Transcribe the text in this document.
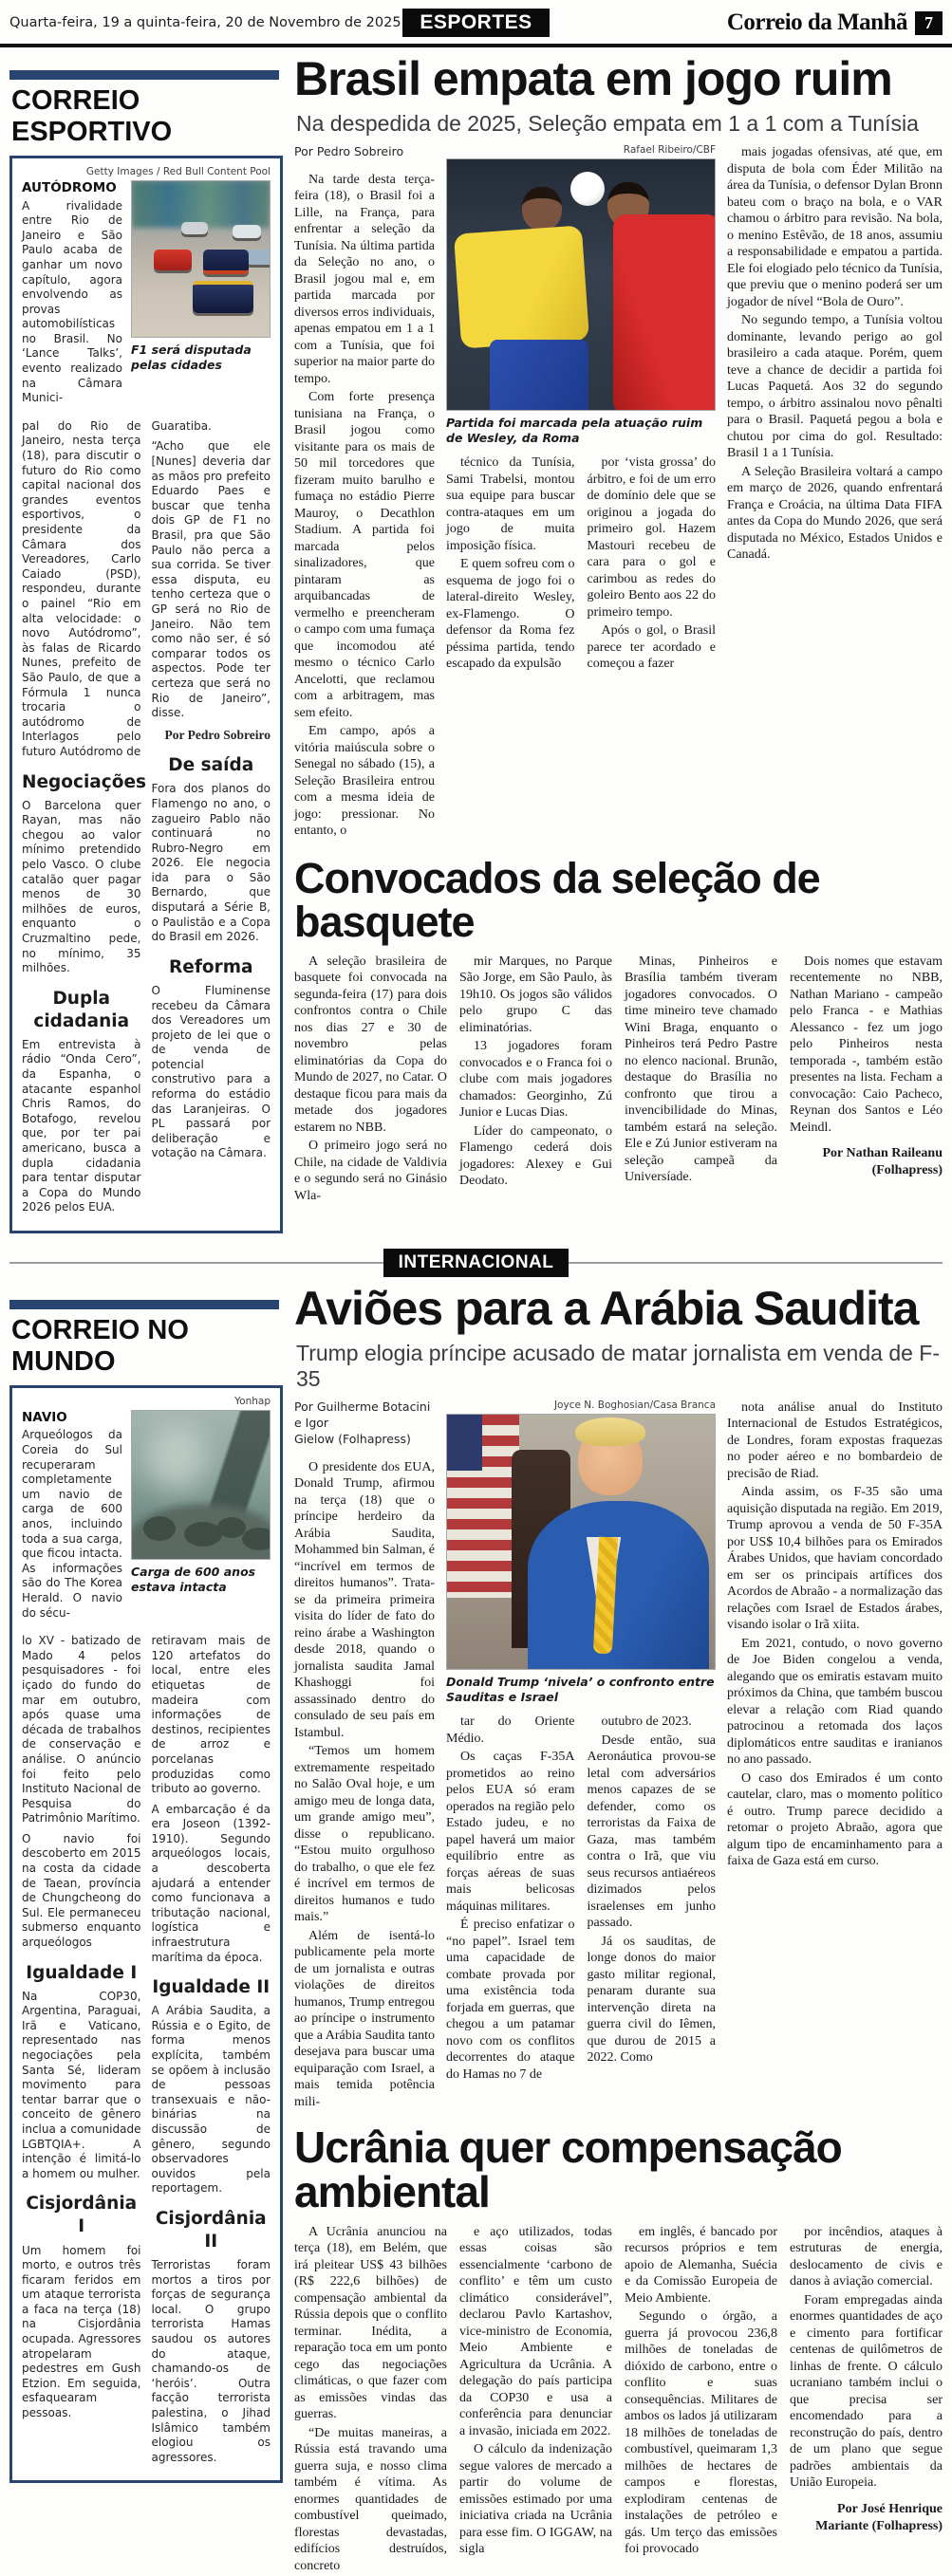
Quarta-feira, 19 a quinta-feira, 20 de Novembro de 2025 ESPORTES	Correio da Manhã	7
CORREIO ESPORTIVO
Getty Images / Red Bull Content Pool
AUTÓDROMO

A rivalidade entre Rio de Janeiro e São Paulo acaba de ganhar um novo capítulo, agora envolvendo as provas automobilísticas no Brasil. No ‘Lance Talks’, evento realizado na Câmara Munici-

F1 será disputada pelas cidades

pal do Rio de Janeiro, nesta terça (18), para discutir o futuro do Rio como capital nacional dos grandes eventos esportivos, o presidente da Câmara dos Vereadores, Carlo Caiado (PSD), respondeu, durante o painel “Rio em alta velocidade: o novo Autódromo”, às falas de Ricardo Nunes, prefeito de São Paulo, de que a Fórmula 1 nunca trocaria o autódromo de Interlagos pelo futuro Autódromo de

Negociações

O Barcelona quer Rayan, mas não chegou ao valor mínimo pretendido pelo Vasco. O clube catalão quer pagar menos de 30 milhões de euros, enquanto o Cruzmaltino pede, no mínimo, 35 milhões.

Dupla cidadania

Em entrevista à rádio “Onda Cero”, da Espanha, o atacante espanhol Chris Ramos, do Botafogo, revelou que, por ter pai americano, busca a dupla cidadania para tentar disputar a Copa do Mundo 2026 pelos EUA.

Guaratiba.

“Acho que ele [Nunes] deveria dar as mãos pro prefeito Eduardo Paes e buscar que tenha dois GP de F1 no Brasil, pra que São Paulo não perca a sua corrida. Se tiver essa disputa, eu tenho certeza que o GP será no Rio de Janeiro. Não tem como não ser, é só comparar todos os aspectos. Pode ter certeza que será no Rio de Janeiro”, disse.

Por Pedro Sobreiro
De saída

Fora dos planos do Flamengo no ano, o zagueiro Pablo não continuará no Rubro-Negro em 2026. Ele negocia ida para o São Bernardo, que disputará a Série B, o Paulistão e a Copa do Brasil em 2026.

Reforma

O Fluminense recebeu da Câmara dos Vereadores um projeto de lei que o de venda de potencial construtivo para a reforma do estádio das Laranjeiras. O PL passará por deliberação e votação na Câmara.

Brasil empata em jogo ruim

Na despedida de 2025, Seleção empata em 1 a 1 com a Tunísia

Por Pedro Sobreiro

Na tarde desta terça-feira (18), o Brasil foi a Lille, na França, para enfrentar a seleção da Tunísia. Na última partida da Seleção no ano, o Brasil jogou mal e, em partida marcada por diversos erros individuais, apenas empatou em 1 a 1 com a Tunísia, que foi superior na maior parte do tempo.

Com forte presença tunisiana na França, o Brasil jogou como visitante para os mais de 50 mil torcedores que fizeram muito barulho e fumaça no estádio Pierre Mauroy, o Decathlon Stadium. A partida foi marcada pelos sinalizadores, que pintaram as arquibancadas de vermelho e preencheram o campo com uma fumaça que incomodou até mesmo o técnico Carlo Ancelotti, que reclamou com a arbitragem, mas sem efeito.

Em campo, após a vitória maiúscula sobre o Senegal no sábado (15), a Seleção Brasileira entrou com a mesma ideia de jogo: pressionar. No entanto, o

Rafael Ribeiro/CBF
Partida foi marcada pela atuação ruim de Wesley, da Roma

técnico da Tunísia, Sami Trabelsi, montou sua equipe para buscar contra-ataques em um jogo de muita imposição física.

E quem sofreu com o esquema de jogo foi o lateral-direito Wesley, ex-Flamengo. O defensor da Roma fez péssima partida, tendo escapado da expulsão

por ‘vista grossa’ do árbitro, e foi de um erro de domínio dele que se originou a jogada do primeiro gol. Hazem Mastouri recebeu de cara para o gol e carimbou as redes do goleiro Bento aos 22 do primeiro tempo.

Após o gol, o Brasil parece ter acordado e começou a fazer

mais jogadas ofensivas, até que, em disputa de bola com Éder Militão na área da Tunísia, o defensor Dylan Bronn bateu com o braço na bola, e o VAR chamou o árbitro para revisão. Na bola, o menino Estêvão, de 18 anos, assumiu a responsabilidade e empatou a partida. Ele foi elogiado pelo técnico da Tunísia, que previu que o menino poderá ser um jogador de nível “Bola de Ouro”.

No segundo tempo, a Tunísia voltou dominante, levando perigo ao gol brasileiro a cada ataque. Porém, quem teve a chance de decidir a partida foi Lucas Paquetá. Aos 32 do segundo tempo, o árbitro assinalou novo pênalti para o Brasil. Paquetá pegou a bola e chutou por cima do gol. Resultado: Brasil 1 a 1 Tunísia.

A Seleção Brasileira voltará a campo em março de 2026, quando enfrentará França e Croácia, na última Data FIFA antes da Copa do Mundo 2026, que será disputada no México, Estados Unidos e Canadá.

Convocados da seleção de basquete

A seleção brasileira de basquete foi convocada na segunda-feira (17) para dois confrontos contra o Chile nos dias 27 e 30 de novembro pelas eliminatórias da Copa do Mundo de 2027, no Catar. O destaque ficou para mais da metade dos jogadores estarem no NBB.

O primeiro jogo será no Chile, na cidade de Valdivia e o segundo será no Ginásio Wla-

mir Marques, no Parque São Jorge, em São Paulo, às 19h10. Os jogos são válidos pelo grupo C das eliminatórias.

13 jogadores foram convocados e o Franca foi o clube com mais jogadores chamados: Georginho, Zú Junior e Lucas Dias.

Líder do campeonato, o Flamengo cederá dois jogadores: Alexey e Gui Deodato.

Minas, Pinheiros e Brasília também tiveram jogadores convocados. O time mineiro teve chamado Wini Braga, enquanto o Pinheiros terá Pedro Pastre no elenco nacional. Brunão, destaque do Brasília no confronto que tirou a invencibilidade do Minas, também estará na seleção. Ele e Zú Junior estiveram na seleção campeã da Universíade.

Dois nomes que estavam recentemente no NBB, Nathan Mariano - campeão pelo Franca - e Mathias Alessanco - fez um jogo pelo Pinheiros nesta temporada -, também estão presentes na lista. Fecham a convocação: Caio Pacheco, Reynan dos Santos e Léo Meindl.

Por Nathan Raileanu
(Folhapress)
INTERNACIONAL
CORREIO NO MUNDO
Yonhap
NAVIO

Arqueólogos da Coreia do Sul recuperaram completamente um navio de carga de 600 anos, incluindo toda a sua carga, que ficou intacta. As informações são do The Korea Herald. O navio do sécu-

Carga de 600 anos estava intacta

lo XV - batizado de Mado 4 pelos pesquisadores - foi içado do fundo do mar em outubro, após quase uma década de trabalhos de conservação e análise. O anúncio foi feito pelo Instituto Nacional de Pesquisa do Patrimônio Marítimo.

O navio foi descoberto em 2015 na costa da cidade de Taean, província de Chungcheong do Sul. Ele permaneceu submerso enquanto arqueólogos

Igualdade I

Na COP30, Argentina, Paraguai, Irã e Vaticano, representado nas negociações pela Santa Sé, lideram movimento para tentar barrar que o conceito de gênero inclua a comunidade LGBTQIA+. A intenção é limitá-lo a homem ou mulher.

Cisjordânia I

Um homem foi morto, e outros três ficaram feridos em um ataque terrorista a faca na terça (18) na Cisjordânia ocupada. Agressores atropelaram pedestres em Gush Etzion. Em seguida, esfaquearam pessoas.

retiravam mais de 120 artefatos do local, entre eles etiquetas de madeira com informações de destinos, recipientes de arroz e porcelanas produzidas como tributo ao governo.

A embarcação é da era Joseon (1392-1910). Segundo arqueólogos locais, a descoberta ajudará a entender como funcionava a tributação nacional, logística e infraestrutura marítima da época.

Igualdade II

A Arábia Saudita, a Rússia e o Egito, de forma menos explícita, também se opõem à inclusão de pessoas transexuais e não-binárias na discussão de gênero, segundo observadores ouvidos pela reportagem.

Cisjordânia II

Terroristas foram mortos a tiros por forças de segurança local. O grupo terrorista Hamas saudou os autores do ataque, chamando-os de ‘heróis’. Outra facção terrorista palestina, o Jihad Islâmico também elogiou os agressores.

Aviões para a Arábia Saudita

Trump elogia príncipe acusado de matar jornalista em venda de F-35

Por Guilherme Botacini e Igor
Gielow (Folhapress)

O presidente dos EUA, Donald Trump, afirmou na terça (18) que o príncipe herdeiro da Arábia Saudita, Mohammed bin Salman, é “incrível em termos de direitos humanos”. Trata-se da primeira primeira visita do líder de fato do reino árabe a Washington desde 2018, quando o jornalista saudita Jamal Khashoggi foi assassinado dentro do consulado de seu país em Istambul.

“Temos um homem extremamente respeitado no Salão Oval hoje, e um amigo meu de longa data, um grande amigo meu”, disse o republicano. “Estou muito orgulhoso do trabalho, o que ele fez é incrível em termos de direitos humanos e tudo mais.”

Além de isentá-lo publicamente pela morte de um jornalista e outras violações de direitos humanos, Trump entregou ao príncipe o instrumento que a Arábia Saudita tanto desejava para buscar uma equiparação com Israel, a mais temida potência mili-

Joyce N. Boghosian/Casa Branca
Donald Trump ‘nivela’ o confronto entre Sauditas e Israel

tar do Oriente Médio.

Os caças F-35A prometidos ao reino pelos EUA só eram operados na região pelo Estado judeu, e no papel haverá um maior equilíbrio entre as forças aéreas de suas mais belicosas máquinas militares.

É preciso enfatizar o “no papel”. Israel tem uma capacidade de combate provada por uma existência toda forjada em guerras, que chegou a um patamar novo com os conflitos decorrentes do ataque do Hamas no 7 de

outubro de 2023.

Desde então, sua Aeronáutica provou-se letal com adversários menos capazes de se defender, como os terroristas da Faixa de Gaza, mas também contra o Irã, que viu seus recursos antiaéreos dizimados pelos israelenses em junho passado.

Já os sauditas, de longe donos do maior gasto militar regional, penaram durante sua intervenção direta na guerra civil do Iêmen, que durou de 2015 a 2022. Como

nota análise anual do Instituto Internacional de Estudos Estratégicos, de Londres, foram expostas fraquezas no poder aéreo e no bombardeio de precisão de Riad.

Ainda assim, os F-35 são uma aquisição disputada na região. Em 2019, Trump aprovou a venda de 50 F-35A por US$ 10,4 bilhões para os Emirados Árabes Unidos, que haviam concordado em ser os principais artífices dos Acordos de Abraão - a normalização das relações com Israel de Estados árabes, visando isolar o Irã xiita.

Em 2021, contudo, o novo governo de Joe Biden congelou a venda, alegando que os emiratis estavam muito próximos da China, que também buscou elevar a relação com Riad quando patrocinou a retomada dos laços diplomáticos entre sauditas e iranianos no ano passado.

O caso dos Emirados é um conto cautelar, claro, mas o momento político é outro. Trump parece decidido a retomar o projeto Abraão, agora que algum tipo de encaminhamento para a faixa de Gaza está em curso.

Ucrânia quer compensação ambiental

A Ucrânia anunciou na terça (18), em Belém, que irá pleitear US$ 43 bilhões (R$ 222,6 bilhões) de compensação ambiental da Rússia depois que o conflito terminar. Inédita, a reparação toca em um ponto cego das negociações climáticas, o que fazer com as emissões vindas das guerras.

“De muitas maneiras, a Rússia está travando uma guerra suja, e nosso clima também é vítima. As enormes quantidades de combustível queimado, florestas devastadas, edifícios destruídos, concreto

e aço utilizados, todas essas coisas são essencialmente ‘carbono de conflito’ e têm um custo climático considerável”, declarou Pavlo Kartashov, vice-ministro de Economia, Meio Ambiente e Agricultura da Ucrânia. A delegação do país participa da COP30 e usa a conferência para denunciar a invasão, iniciada em 2022.

O cálculo da indenização segue valores de mercado a partir do volume de emissões estimado por uma iniciativa criada na Ucrânia para esse fim. O IGGAW, na sigla

em inglês, é bancado por recursos próprios e tem apoio de Alemanha, Suécia e da Comissão Europeia de Meio Ambiente.

Segundo o órgão, a guerra já provocou 236,8 milhões de toneladas de dióxido de carbono, entre o conflito e suas consequências. Militares de ambos os lados já utilizaram 18 milhões de toneladas de combustível, queimaram 1,3 milhões de hectares de campos e florestas, explodiram centenas de instalações de petróleo e gás. Um terço das emissões foi provocado

por incêndios, ataques à estruturas de energia, deslocamento de civis e danos à aviação comercial.

Foram empregadas ainda enormes quantidades de aço e cimento para fortificar centenas de quilômetros de linhas de frente. O cálculo ucraniano também inclui o que precisa ser encomendado para a reconstrução do país, dentro de um plano que segue padrões ambientais da União Europeia.

Por José Henrique
Mariante (Folhapress)
